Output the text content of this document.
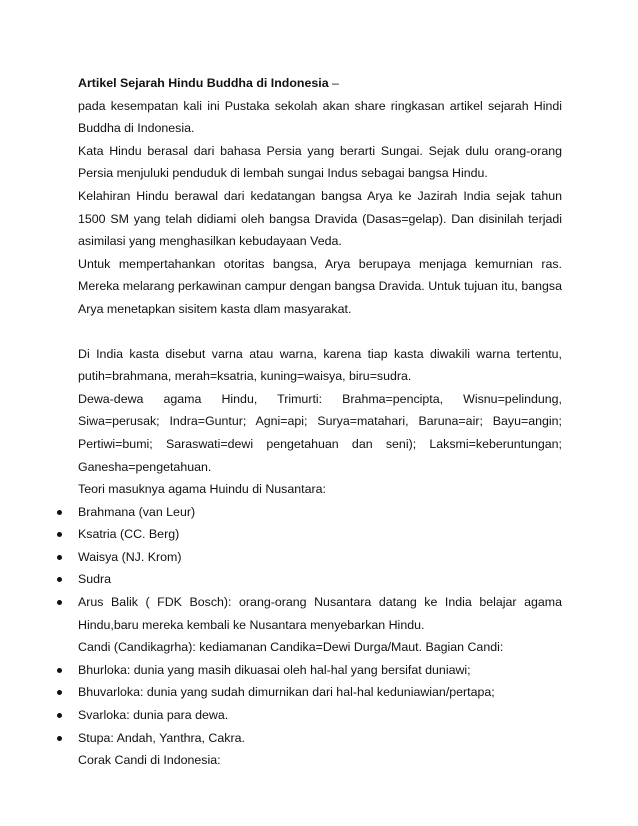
Artikel Sejarah Hindu Buddha di Indonesia –

pada kesempatan kali ini Pustaka sekolah akan share ringkasan artikel sejarah Hindi Buddha di Indonesia.

Kata Hindu berasal dari bahasa Persia yang berarti Sungai. Sejak dulu orang-orang Persia menjuluki penduduk di lembah sungai Indus sebagai bangsa Hindu.

Kelahiran Hindu berawal dari kedatangan bangsa Arya ke Jazirah India sejak tahun 1500 SM yang telah didiami oleh bangsa Dravida (Dasas=gelap). Dan disinilah terjadi asimilasi yang menghasilkan kebudayaan Veda.

Untuk mempertahankan otoritas bangsa, Arya berupaya menjaga kemurnian ras. Mereka melarang perkawinan campur dengan bangsa Dravida. Untuk tujuan itu, bangsa Arya menetapkan sisitem kasta dlam masyarakat.

Di India kasta disebut varna atau warna, karena tiap kasta diwakili warna tertentu, putih=brahmana, merah=ksatria, kuning=waisya, biru=sudra.

Dewa-dewa agama Hindu, Trimurti: Brahma=pencipta, Wisnu=pelindung, Siwa=perusak; Indra=Guntur; Agni=api; Surya=matahari, Baruna=air; Bayu=angin; Pertiwi=bumi; Saraswati=dewi pengetahuan dan seni); Laksmi=keberuntungan; Ganesha=pengetahuan.

Teori masuknya agama Huindu di Nusantara:

Brahmana (van Leur)
Ksatria (CC. Berg)
Waisya (NJ. Krom)
Sudra
Arus Balik ( FDK Bosch): orang-orang Nusantara datang ke India belajar agama Hindu,baru mereka kembali ke Nusantara menyebarkan Hindu.

Candi (Candikagrha): kediamanan Candika=Dewi Durga/Maut. Bagian Candi:

Bhurloka: dunia yang masih dikuasai oleh hal-hal yang bersifat duniawi;
Bhuvarloka: dunia yang sudah dimurnikan dari hal-hal keduniawian/pertapa;
Svarloka: dunia para dewa.
Stupa: Andah, Yanthra, Cakra.

Corak Candi di Indonesia:
